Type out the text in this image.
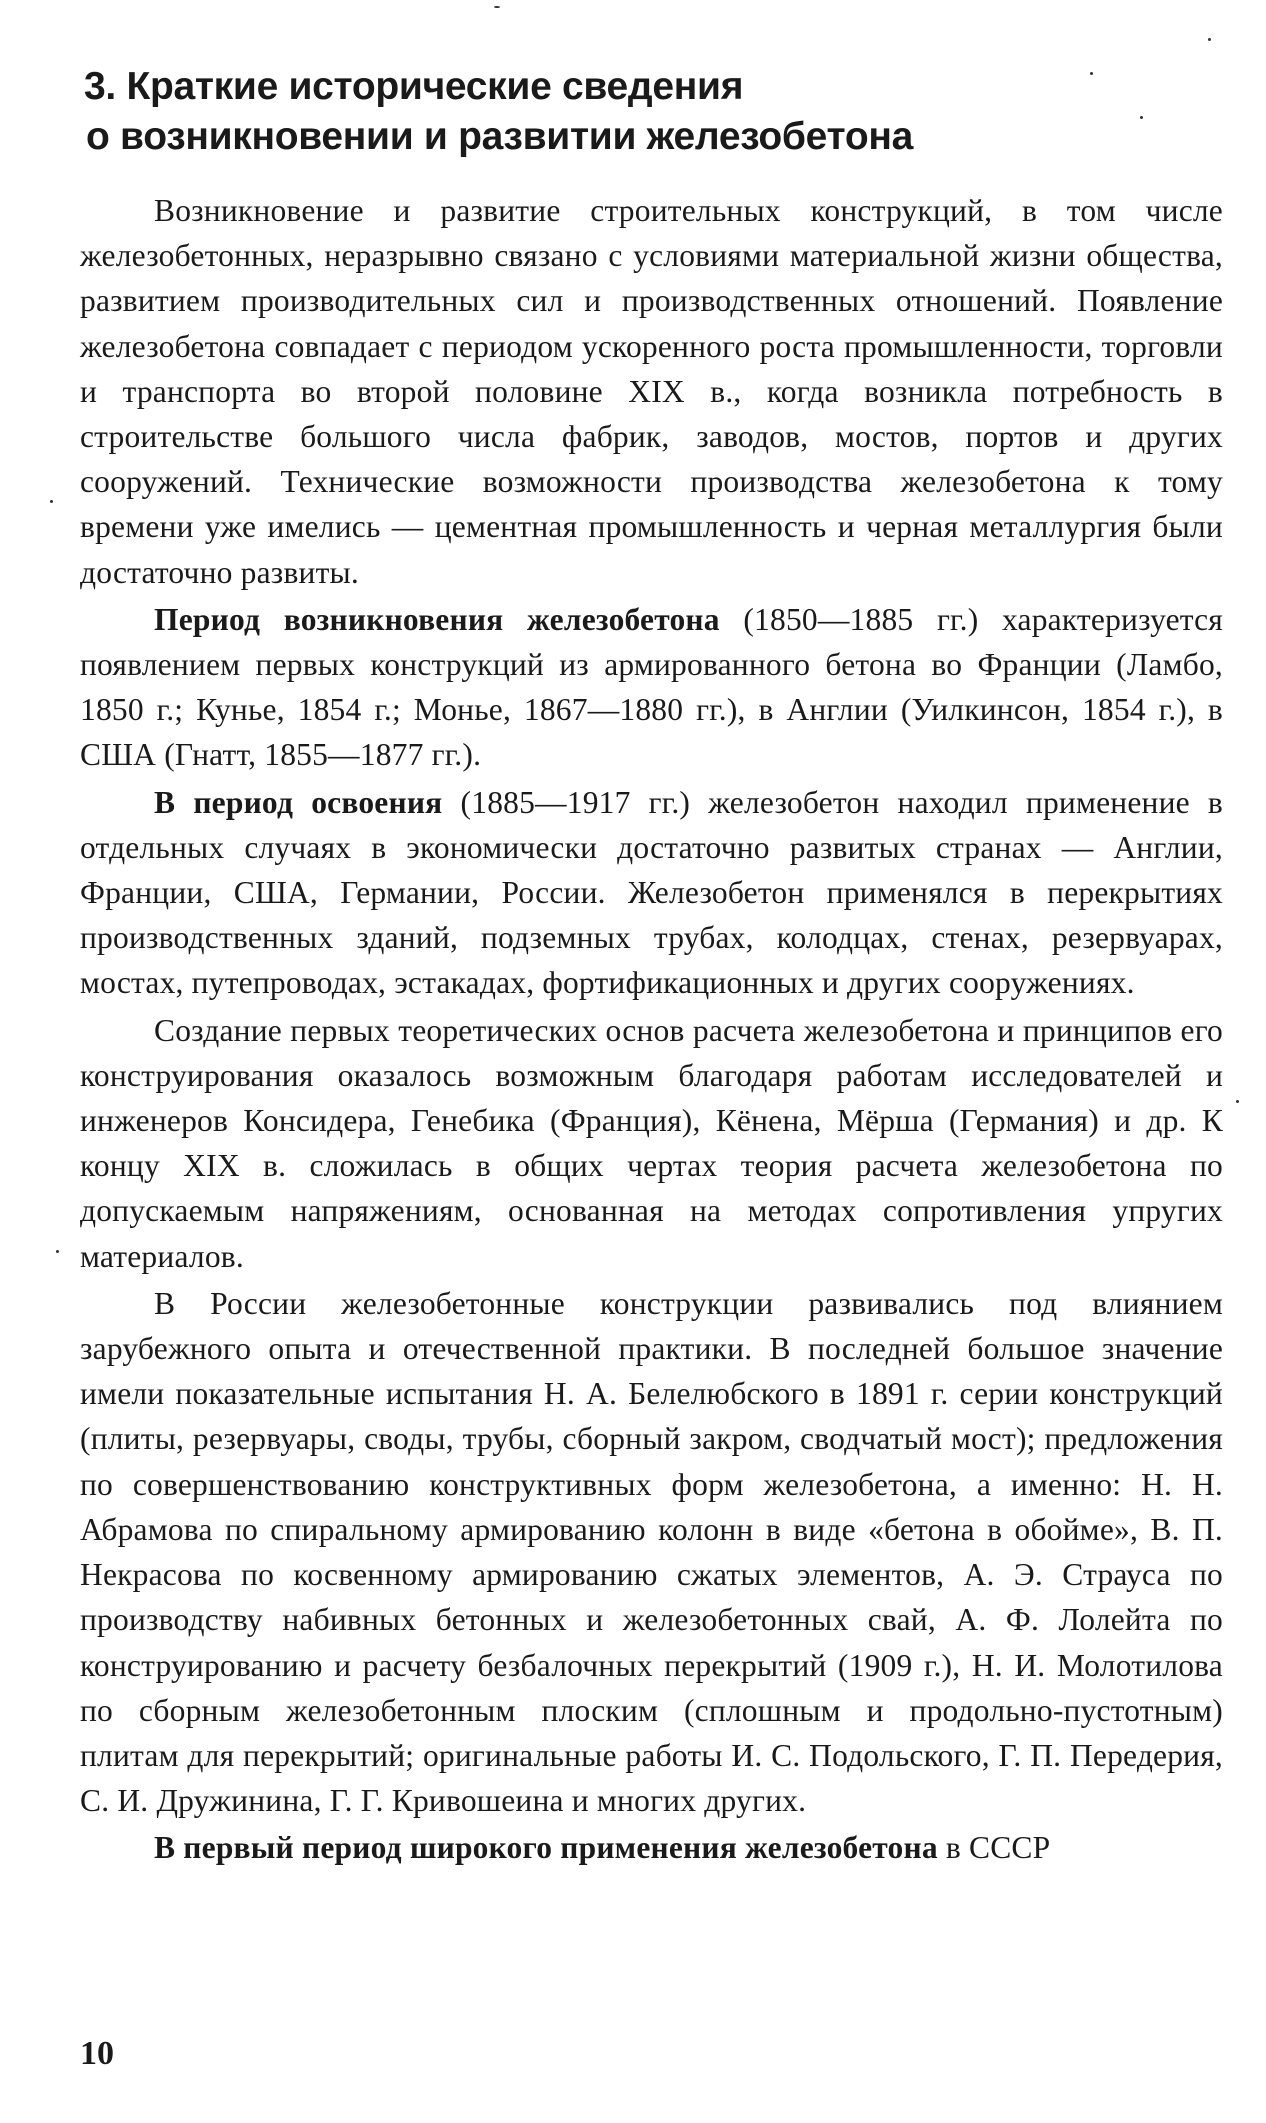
3. Краткие исторические сведения
о возникновении и развитии железобетона

Возникновение и развитие строительных конструкций, в том числе железобетонных, неразрывно связано с условиями материальной жизни общества, развитием производительных сил и производственных отношений. Появление железобетона совпадает с периодом ускоренного роста промышленности, торговли и транспорта во второй половине XIX в., когда возникла потребность в строительстве большого числа фабрик, заводов, мостов, портов и других сооружений. Технические возможности производства железобетона к тому времени уже имелись — цементная промышленность и черная металлургия были достаточно развиты.

Период возникновения железобетона (1850—1885 гг.) характеризуется появлением первых конструкций из армированного бетона во Франции (Ламбо, 1850 г.; Кунье, 1854 г.; Монье, 1867—1880 гг.), в Англии (Уилкинсон, 1854 г.), в США (Гнатт, 1855—1877 гг.).

В период освоения (1885—1917 гг.) железобетон находил применение в отдельных случаях в экономически достаточно развитых странах — Англии, Франции, США, Германии, России. Железобетон применялся в перекрытиях производственных зданий, подземных трубах, колодцах, стенах, резервуарах, мостах, путепроводах, эстакадах, фортификационных и других сооружениях.

Создание первых теоретических основ расчета железобетона и принципов его конструирования оказалось возможным благодаря работам исследователей и инженеров Консидера, Генебика (Франция), Кёнена, Мёрша (Германия) и др. К концу XIX в. сложилась в общих чертах теория расчета железобетона по допускаемым напряжениям, основанная на методах сопротивления упругих материалов.

В России железобетонные конструкции развивались под влиянием зарубежного опыта и отечественной практики. В последней большое значение имели показательные испытания Н. А. Белелюбского в 1891 г. серии конструкций (плиты, резервуары, своды, трубы, сборный закром, сводчатый мост); предложения по совершенствованию конструктивных форм железобетона, а именно: Н. Н. Абрамова по спиральному армированию колонн в виде «бетона в обойме», В. П. Некрасова по косвенному армированию сжатых элементов, А. Э. Страуса по производству набивных бетонных и железобетонных свай, А. Ф. Лолейта по конструированию и расчету безбалочных перекрытий (1909 г.), Н. И. Молотилова по сборным железобетонным плоским (сплошным и продольно-пустотным) плитам для перекрытий; оригинальные работы И. С. Подольского, Г. П. Передерия, С. И. Дружинина, Г. Г. Кривошеина и многих других.

В первый период широкого применения железобетона в СССР

10
